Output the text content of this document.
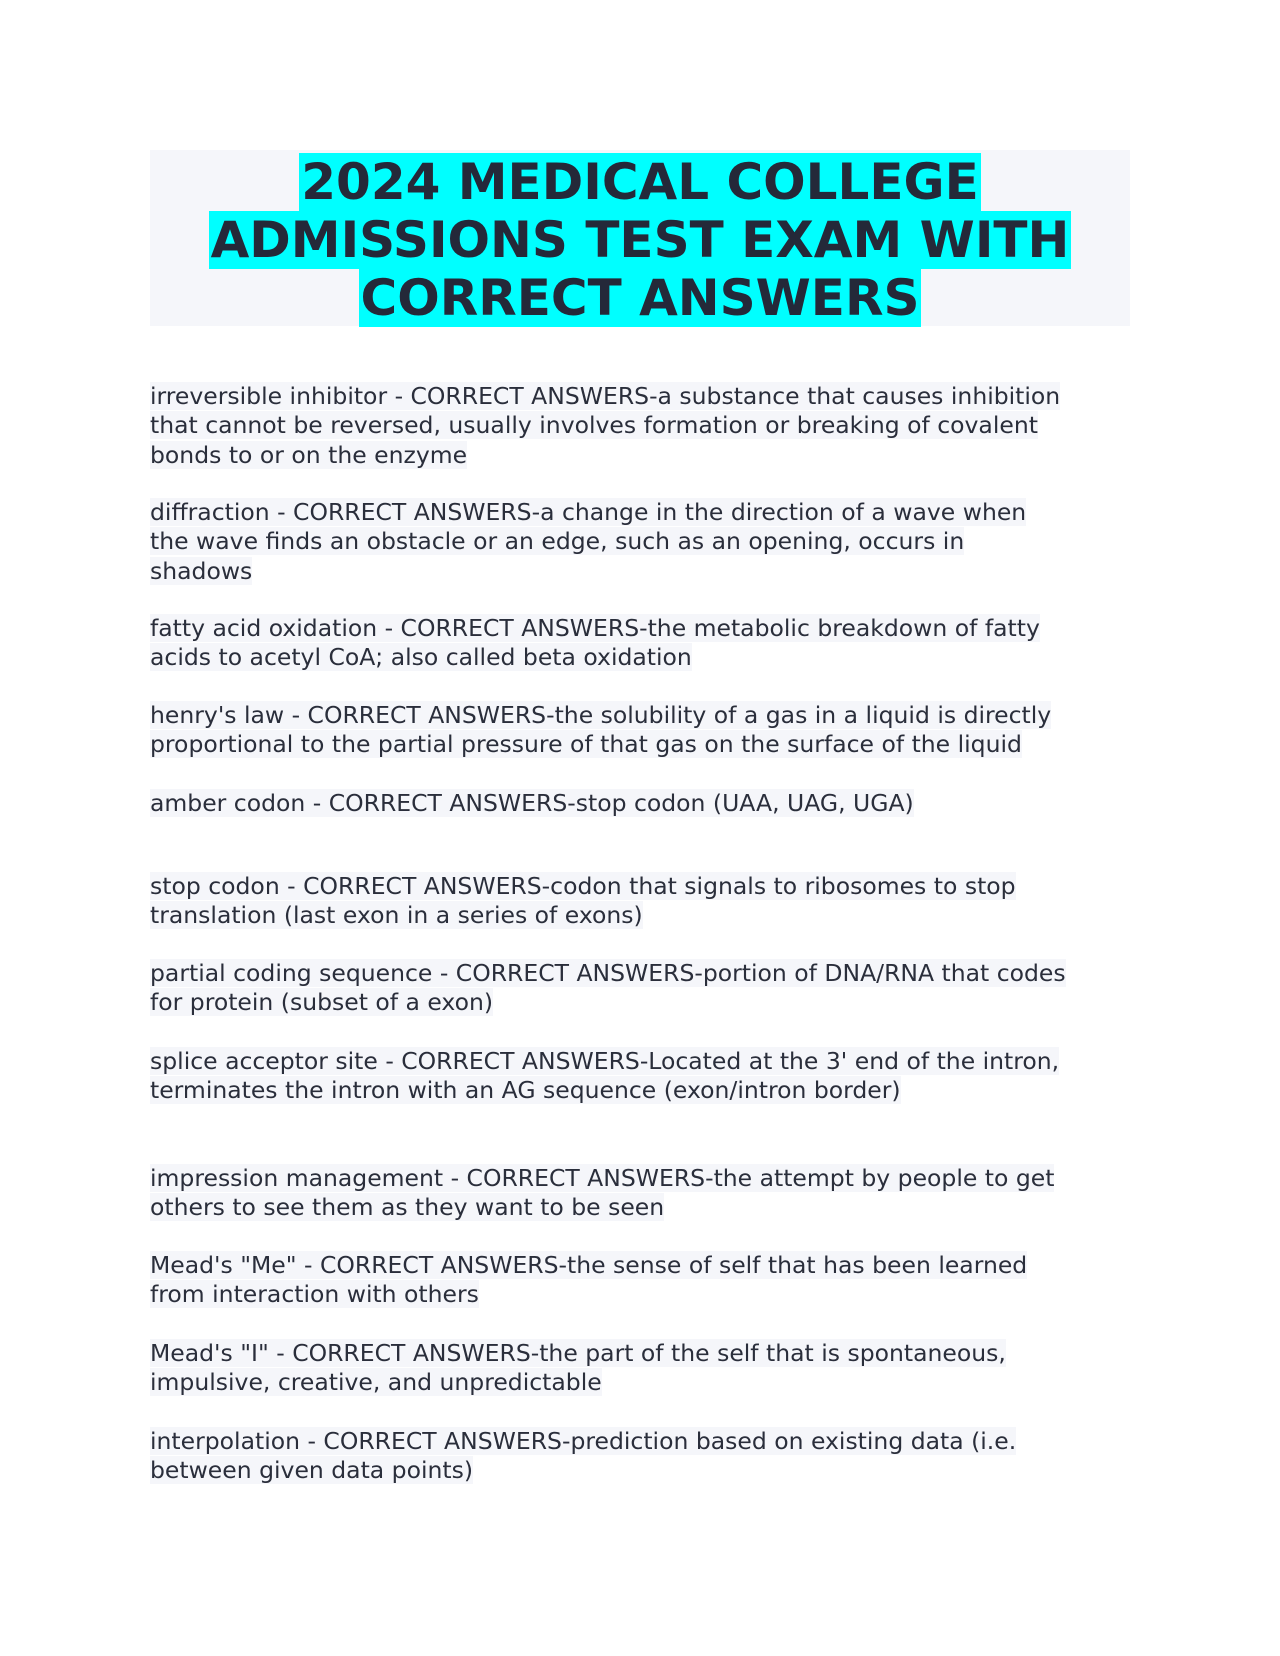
2024 MEDICAL COLLEGE
ADMISSIONS TEST EXAM WITH
CORRECT ANSWERS

irreversible inhibitor - CORRECT ANSWERS-a substance that causes inhibition
that cannot be reversed, usually involves formation or breaking of covalent
bonds to or on the enzyme

diffraction - CORRECT ANSWERS-a change in the direction of a wave when
the wave finds an obstacle or an edge, such as an opening, occurs in
shadows

fatty acid oxidation - CORRECT ANSWERS-the metabolic breakdown of fatty
acids to acetyl CoA; also called beta oxidation

henry's law - CORRECT ANSWERS-the solubility of a gas in a liquid is directly
proportional to the partial pressure of that gas on the surface of the liquid

amber codon - CORRECT ANSWERS-stop codon (UAA, UAG, UGA)

stop codon - CORRECT ANSWERS-codon that signals to ribosomes to stop
translation (last exon in a series of exons)

partial coding sequence - CORRECT ANSWERS-portion of DNA/RNA that codes
for protein (subset of a exon)

splice acceptor site - CORRECT ANSWERS-Located at the 3' end of the intron,
terminates the intron with an AG sequence (exon/intron border)

impression management - CORRECT ANSWERS-the attempt by people to get
others to see them as they want to be seen

Mead's "Me" - CORRECT ANSWERS-the sense of self that has been learned
from interaction with others

Mead's "I" - CORRECT ANSWERS-the part of the self that is spontaneous,
impulsive, creative, and unpredictable

interpolation - CORRECT ANSWERS-prediction based on existing data (i.e.
between given data points)
